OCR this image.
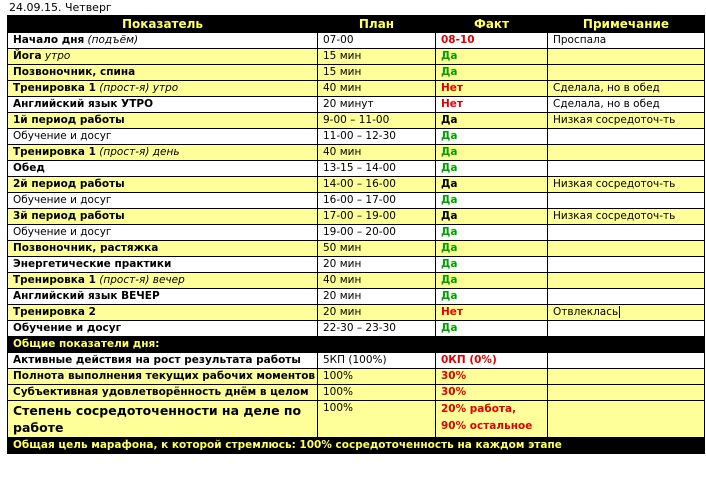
24.09.15. Четверг
Показатель	План	Факт	Примечание
Начало дня (подъём)	07-00	08-10	Проспала
Йога утро	15 мин	Да	
Позвоночник, спина	15 мин	Да	
Тренировка 1 (прост-я) утро	40 мин	Нет	Сделала, но в обед
Английский язык УТРО	20 минут	Нет	Сделала, но в обед
1й период работы	9-00 – 11-00	Да	Низкая сосредоточ-ть
Обучение и досуг	11-00 – 12-30	Да	
Тренировка 1 (прост-я) день	40 мин	Да	
Обед	13-15 – 14-00	Да	
2й период работы	14-00 – 16-00	Да	Низкая сосредоточ-ть
Обучение и досуг	16-00 – 17-00	Да	
3й период работы	17-00 – 19-00	Да	Низкая сосредоточ-ть
Обучение и досуг	19-00 – 20-00	Да	
Позвоночник, растяжка	50 мин	Да	
Энергетические практики	20 мин	Да	
Тренировка 1 (прост-я) вечер	40 мин	Да	
Английский язык ВЕЧЕР	20 мин	Да	
Тренировка 2	20 мин	Нет	Отвлеклась
Обучение и досуг	22-30 – 23-30	Да	
Общие показатели дня:			
Активные действия на рост результата работы	5КП (100%)	0КП (0%)	
Полнота выполнения текущих рабочих моментов	100%	30%	
Субъективная удовлетворённость днём в целом	100%	30%	
Степень сосредоточенности на деле по работе	100%	20% работа, 90% остальное	
Общая цель марафона, к которой стремлюсь: 100% сосредоточенность на каждом этапе			
